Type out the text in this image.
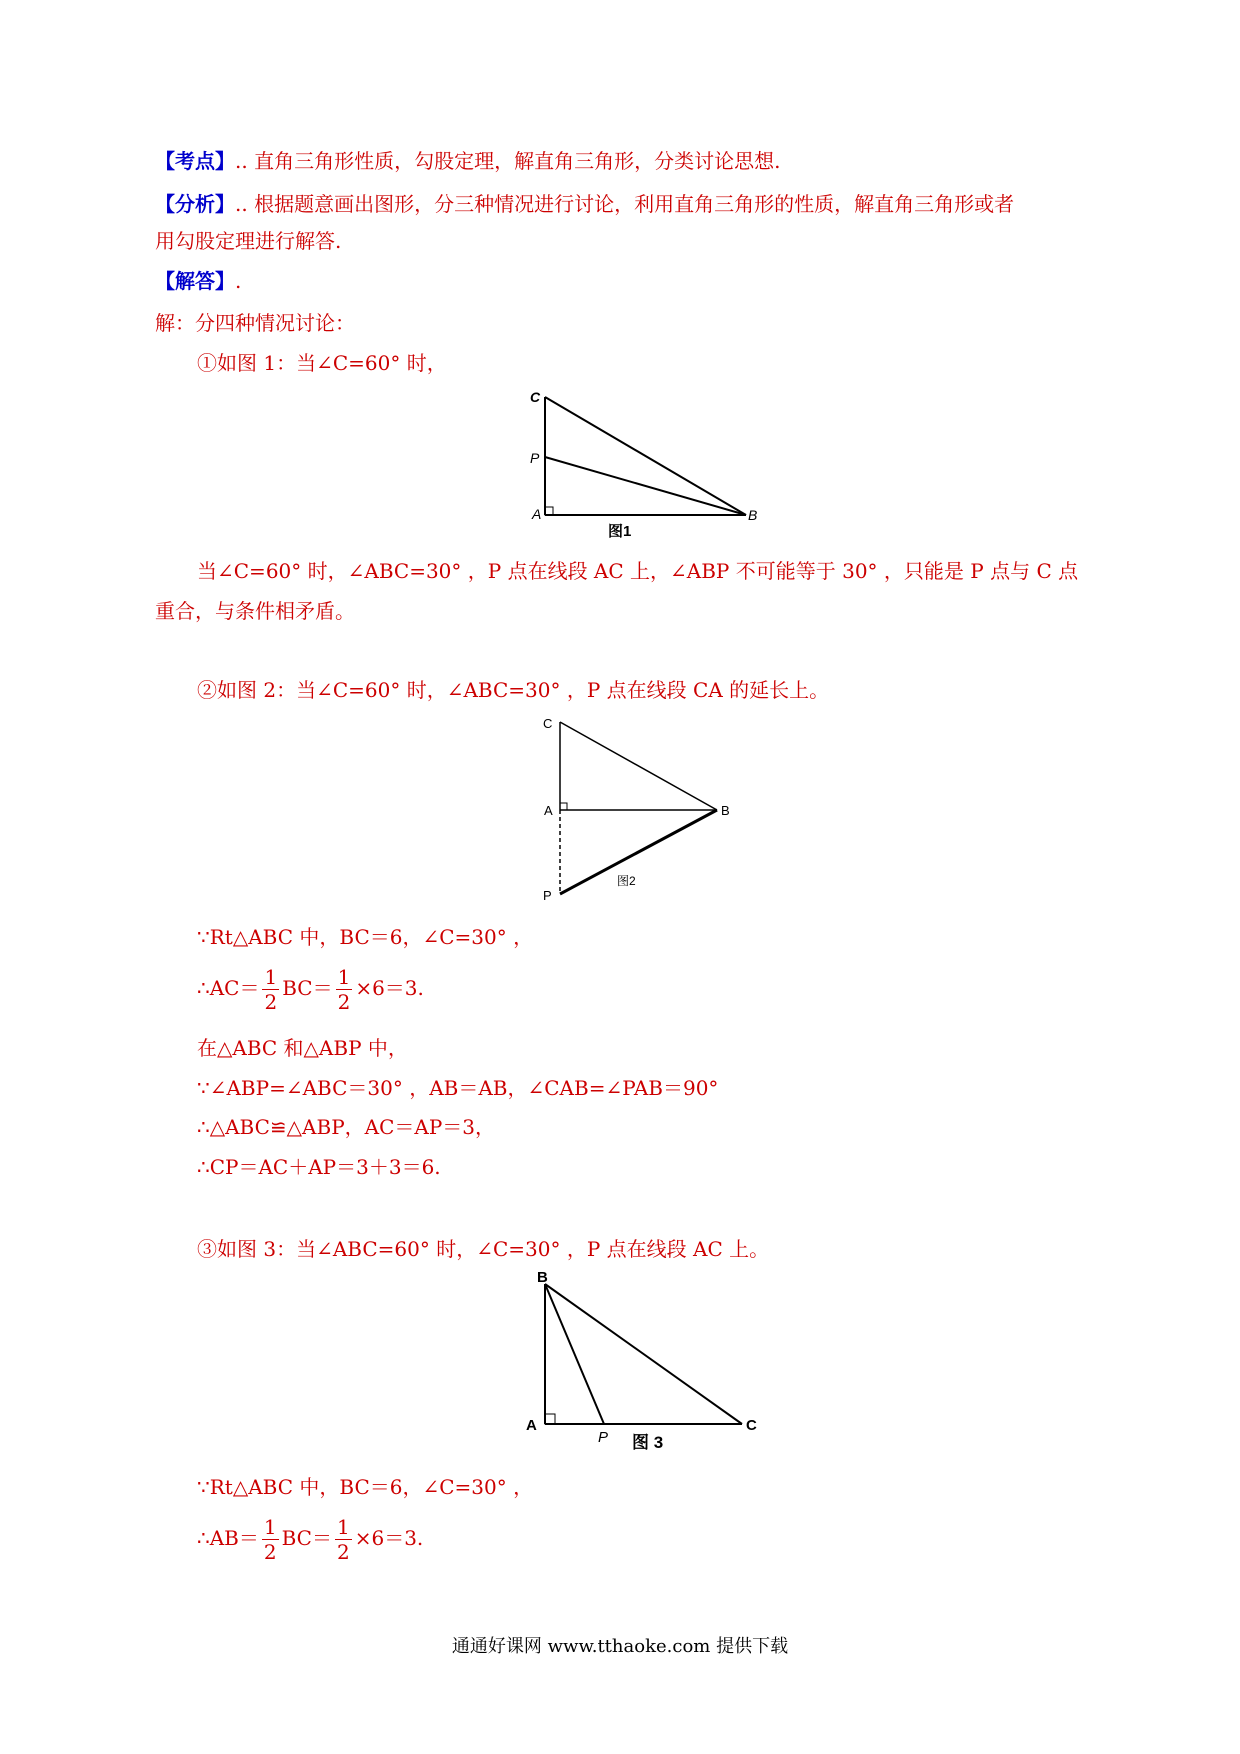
【考点】.. 直角三角形性质，勾股定理，解直角三角形，分类讨论思想.
【分析】.. 根据题意画出图形，分三种情况进行讨论，利用直角三角形的性质，解直角三角形或者
用勾股定理进行解答.
【解答】.
解：分四种情况讨论：
①如图 1：当∠C=60° 时，
C
P
A	B
图1
当∠C=60° 时，∠ABC=30° ，P 点在线段 AC 上，∠ABP 不可能等于 30° ，只能是 P 点与 C 点
重合，与条件相矛盾。
②如图 2：当∠C=60° 时，∠ABC=30° ，P 点在线段 CA 的延长上。
C
A	B
P
图2
∵Rt△ABC 中，BC＝6，∠C=30° ，
∴AC＝ $\frac{1}{2} BC= \frac{1}{2} \times 6=3$.
在△ABC 和△ABP 中，
∵∠ABP=∠ABC＝30° ，AB＝AB，∠CAB=∠PAB＝90°
∴△ABC≌△ABP，AC＝AP＝3，
∴CP＝AC＋AP＝3＋3＝6.
③如图 3：当∠ABC=60° 时，∠C=30° ，P 点在线段 AC 上。
B
A
P
C
图 3
∵Rt△ABC 中，BC＝6，∠C=30° ，
∴AB＝ $\frac{1}{2} BC= \frac{1}{2} \times 6=3$.
通通好课网 www.tthaoke.com 提供下载
